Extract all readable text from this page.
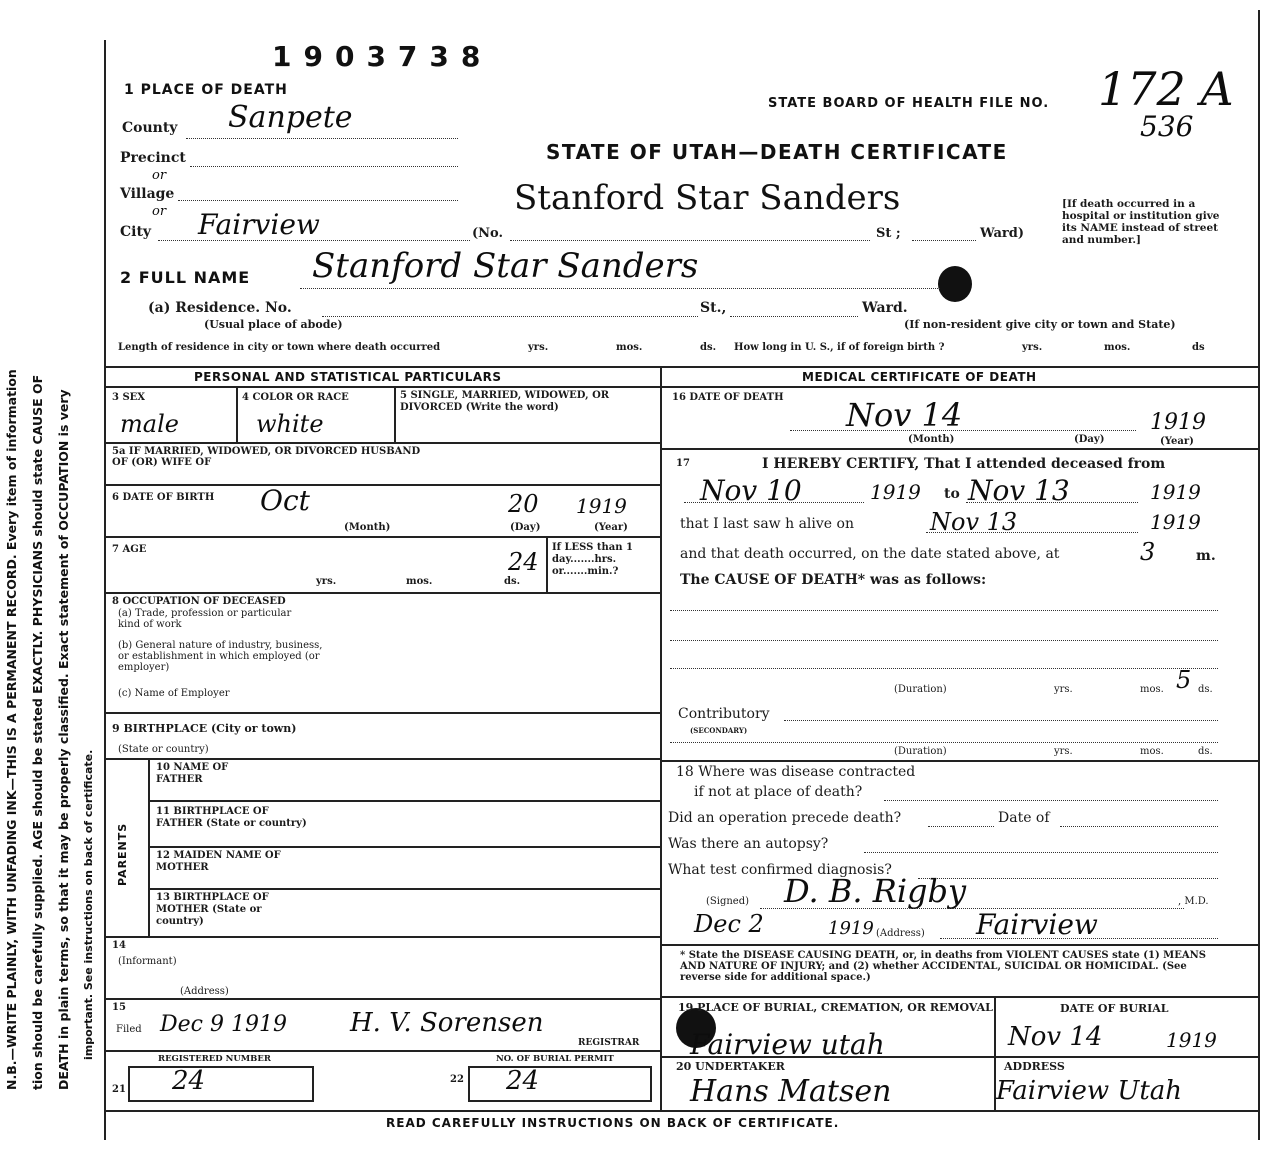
N.B.—WRITE PLAINLY, WITH UNFADING INK—THIS IS A PERMANENT RECORD. Every item of information tion should be carefully supplied. AGE should be stated EXACTLY. PHYSICIANS should state CAUSE OF DEATH in plain terms, so that it may be properly classified. Exact statement of OCCUPATION is very important. See instructions on back of certificate.
1903738
STATE BOARD OF HEALTH FILE NO. 172 A
536
STATE OF UTAH—DEATH CERTIFICATE
1 PLACE OF DEATH
County Sanpete
Precinct
or
Village
or
City Fairview	(No.	St ;	Ward)
Stanford Star Sanders	[If death occurred in a hospital or institution give its NAME instead of street and number.]
2 FULL NAME Stanford Star Sanders
(a) Residence. No.	St.,	Ward.
(Usual place of abode)	(If non-resident give city or town and State)
Length of residence in city or town where death occurred	yrs.	mos.	ds. How long in U. S., if of foreign birth ?	yrs.	mos.	ds
PERSONAL AND STATISTICAL PARTICULARS
3 SEX
male
4 COLOR OR RACE
white
5 SINGLE, MARRIED, WIDOWED, OR DIVORCED (Write the word)
5a IF MARRIED, WIDOWED, OR DIVORCED HUSBAND OF (OR) WIFE OF
6 DATE OF BIRTH Oct	20 1919
(Month)	(Day)	(Year)
7 AGE	24
yrs.	mos.	ds.
If LESS than 1 day.......hrs. or.......min.?
8 OCCUPATION OF DECEASED
(a) Trade, profession or particular kind of work
(b) General nature of industry, business, or establishment in which employed (or employer)
(c) Name of Employer
9 BIRTHPLACE (City or town)
(State or country)
PARENTS
10 NAME OF FATHER
11 BIRTHPLACE OF FATHER (State or country)
12 MAIDEN NAME OF MOTHER
13 BIRTHPLACE OF MOTHER (State or country)
14
(Informant)
(Address)
15
Filed Dec 9 1919 H. V. Sorensen
REGISTRAR
REGISTERED NUMBER
21 24
NO. OF BURIAL PERMIT
22 24
MEDICAL CERTIFICATE OF DEATH
16 DATE OF DEATH Nov 14	1919
(Month)	(Day)	(Year)
17	I HEREBY CERTIFY, That I attended deceased from
Nov 10	1919 to Nov 13	1919
that I last saw h alive on	Nov 13	1919
and that death occurred, on the date stated above, at	3	m.
The CAUSE OF DEATH* was as follows:
(Duration)	yrs.	mos. 5 ds.
Contributory
(SECONDARY)
(Duration)	yrs.	mos.	ds.
18 Where was disease contracted
if not at place of death?
Did an operation precede death?	Date of
Was there an autopsy?
What test confirmed diagnosis?
(Signed) D. B. Rigby	, M.D.
Dec 2	1919 (Address) Fairview
* State the DISEASE CAUSING DEATH, or, in deaths from VIOLENT CAUSES state (1) MEANS AND NATURE OF INJURY; and (2) whether ACCIDENTAL, SUICIDAL OR HOMICIDAL. (See reverse side for additional space.)
19 PLACE OF BURIAL, CREMATION, OR REMOVAL
Fairview utah
DATE OF BURIAL
Nov 14	1919
20 UNDERTAKER
Hans Matsen
ADDRESS
Fairview Utah
READ CAREFULLY INSTRUCTIONS ON BACK OF CERTIFICATE.
